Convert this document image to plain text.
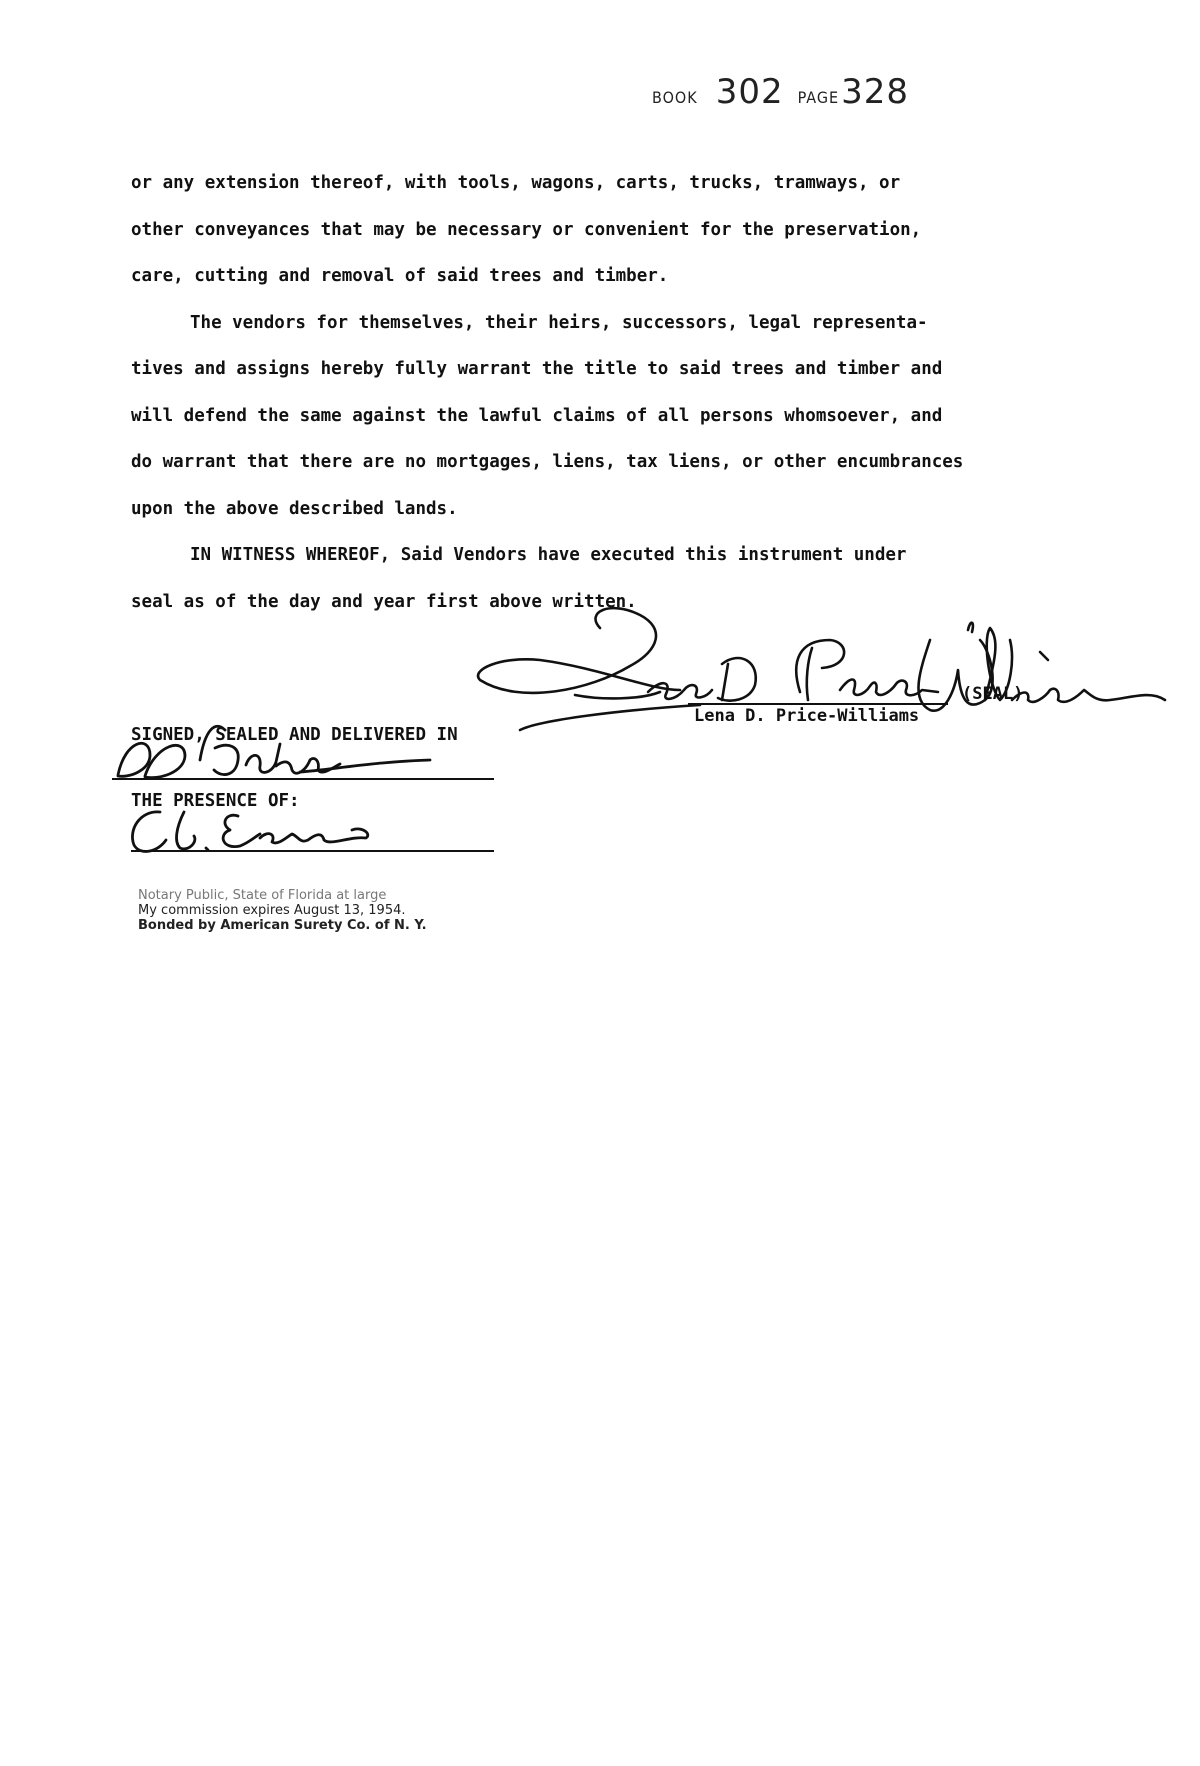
BOOK 302 PAGE 328

or any extension thereof, with tools, wagons, carts, trucks, tramways, or

other conveyances that may be necessary or convenient for the preservation,

care, cutting and removal of said trees and timber.

The vendors for themselves, their heirs, successors, legal representa-

tives and assigns hereby fully warrant the title to said trees and timber and

will defend the same against the lawful claims of all persons whomsoever, and

do warrant that there are no mortgages, liens, tax liens, or other encumbrances

upon the above described lands.

IN WITNESS WHEREOF, Said Vendors have executed this instrument under

seal as of the day and year first above written.

SIGNED, SEALED AND DELIVERED IN

THE PRESENCE OF:

(SEAL)
Lena D. Price-Williams
Notary Public, State of Florida at large
My commission expires August 13, 1954.
Bonded by American Surety Co. of N. Y.
